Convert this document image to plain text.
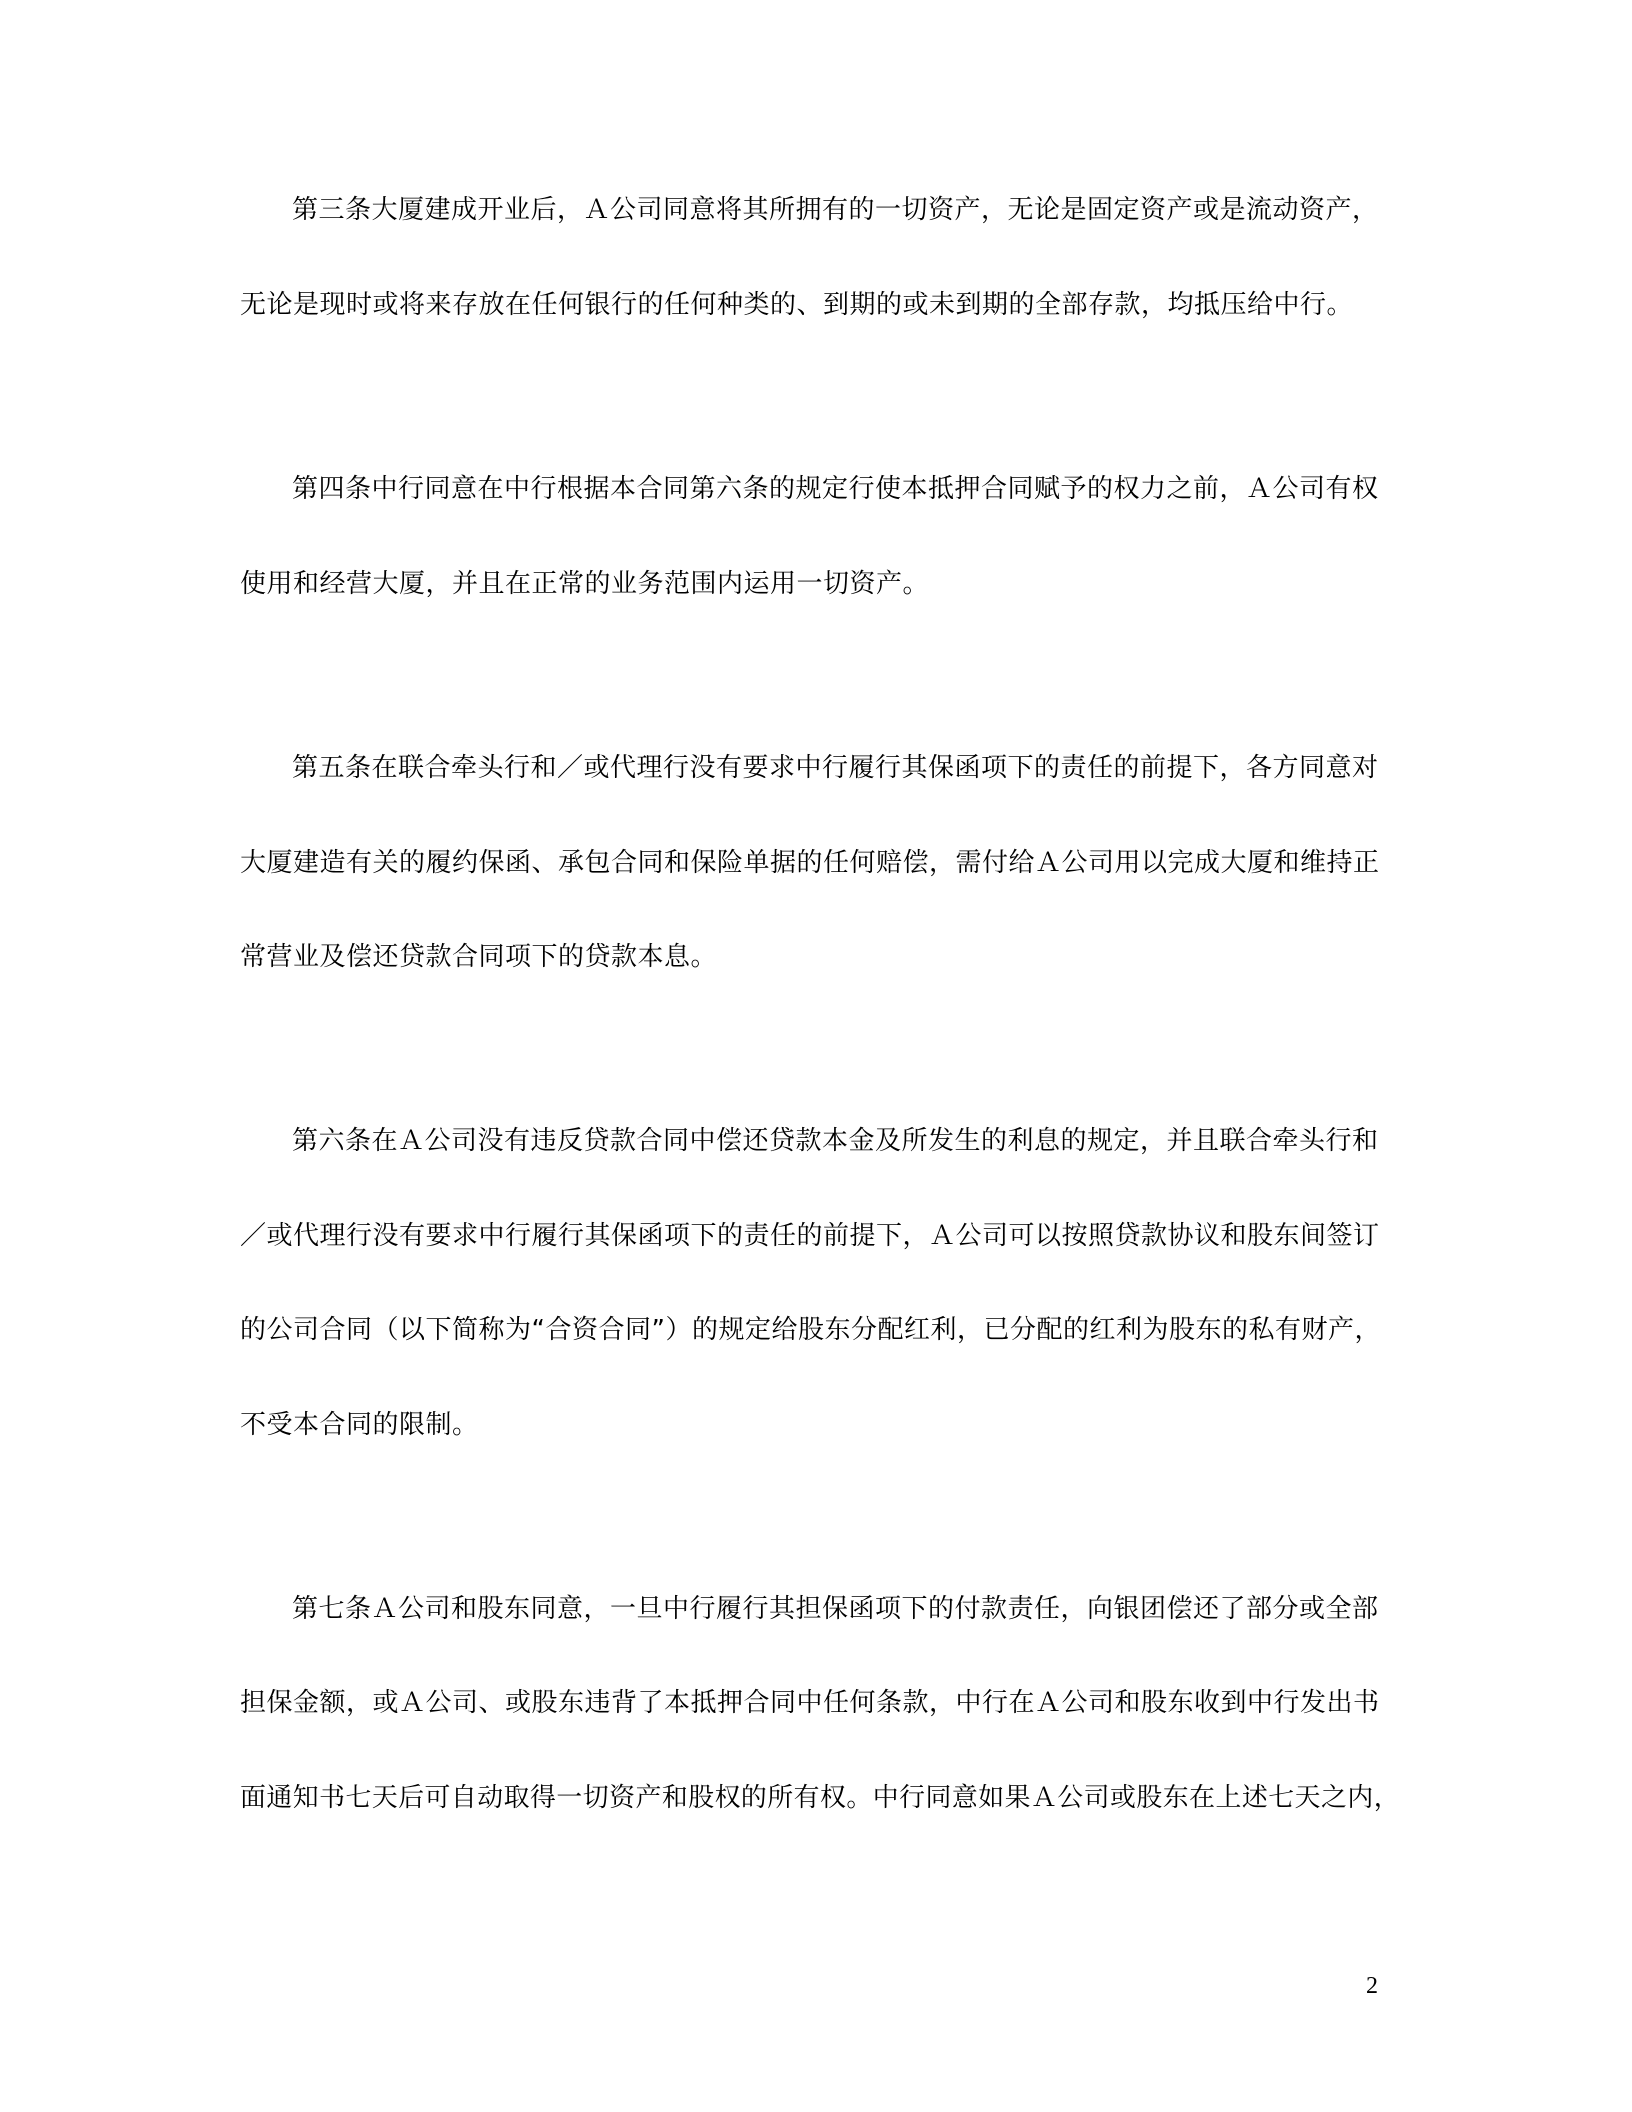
第三条大厦建成开业后，Ａ公司同意将其所拥有的一切资产，无论是固定资产或是流动资产，
无论是现时或将来存放在任何银行的任何种类的、到期的或未到期的全部存款，均抵压给中行。
第四条中行同意在中行根据本合同第六条的规定行使本抵押合同赋予的权力之前，Ａ公司有权
使用和经营大厦，并且在正常的业务范围内运用一切资产。
第五条在联合牵头行和／或代理行没有要求中行履行其保函项下的责任的前提下，各方同意对
大厦建造有关的履约保函、承包合同和保险单据的任何赔偿，需付给Ａ公司用以完成大厦和维持正
常营业及偿还贷款合同项下的贷款本息。
第六条在Ａ公司没有违反贷款合同中偿还贷款本金及所发生的利息的规定，并且联合牵头行和
／或代理行没有要求中行履行其保函项下的责任的前提下，Ａ公司可以按照贷款协议和股东间签订
的公司合同（以下简称为“合资合同”）的规定给股东分配红利，已分配的红利为股东的私有财产，
不受本合同的限制。
第七条Ａ公司和股东同意，一旦中行履行其担保函项下的付款责任，向银团偿还了部分或全部
担保金额，或Ａ公司、或股东违背了本抵押合同中任何条款，中行在Ａ公司和股东收到中行发出书
面通知书七天后可自动取得一切资产和股权的所有权。中行同意如果Ａ公司或股东在上述七天之内，
2
